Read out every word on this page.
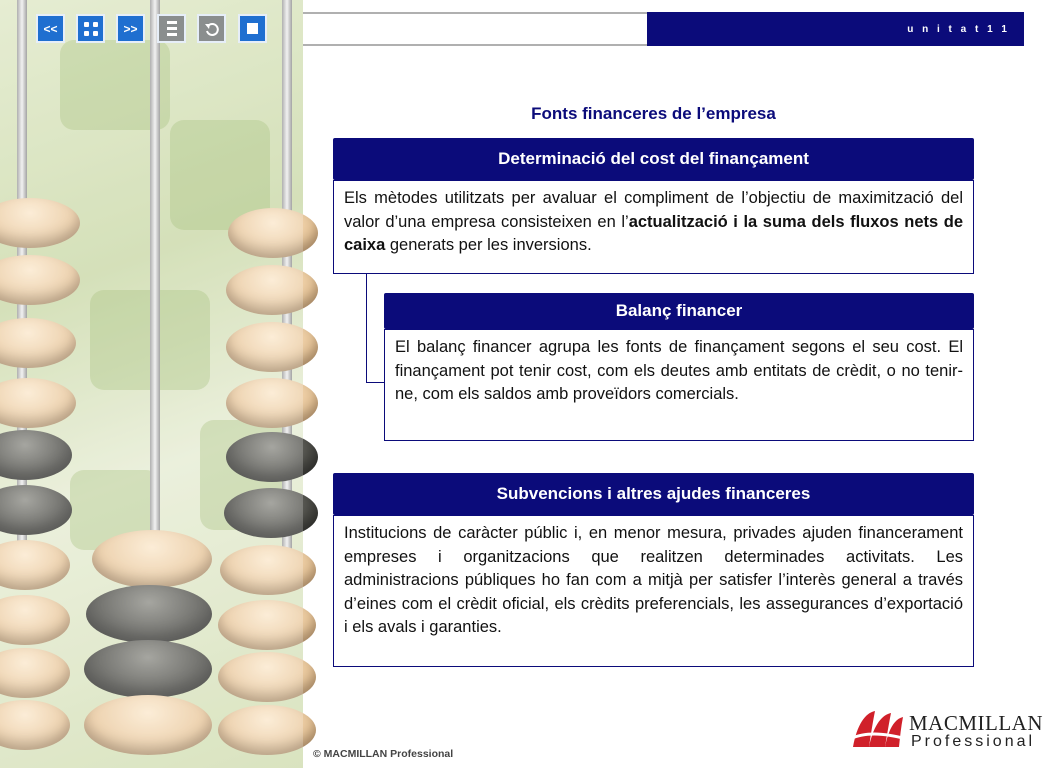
<<	>>	u n i t a t 1 1
Fonts financeres de l’empresa
Determinació del cost del finançament
Els mètodes utilitzats per avaluar el compliment de l’objectiu de maximització del valor d’una empresa consisteixen en l’actualització i la suma dels fluxos nets de caixa generats per les inversions.
Balanç financer
El balanç financer agrupa les fonts de finançament segons el seu cost. El finançament pot tenir cost, com els deutes amb entitats de crèdit, o no tenir-ne, com els saldos amb proveïdors comercials.
Subvencions i altres ajudes financeres
Institucions de caràcter públic i, en menor mesura, privades ajuden financerament empreses i organitzacions que realitzen determinades activitats. Les administracions públiques ho fan com a mitjà per satisfer l’interès general a través d’eines com el crèdit oficial, els crèdits preferencials, les assegurances d’exportació i els avals i garanties.
© MACMILLAN Professional
MACMILLAN
Professional
